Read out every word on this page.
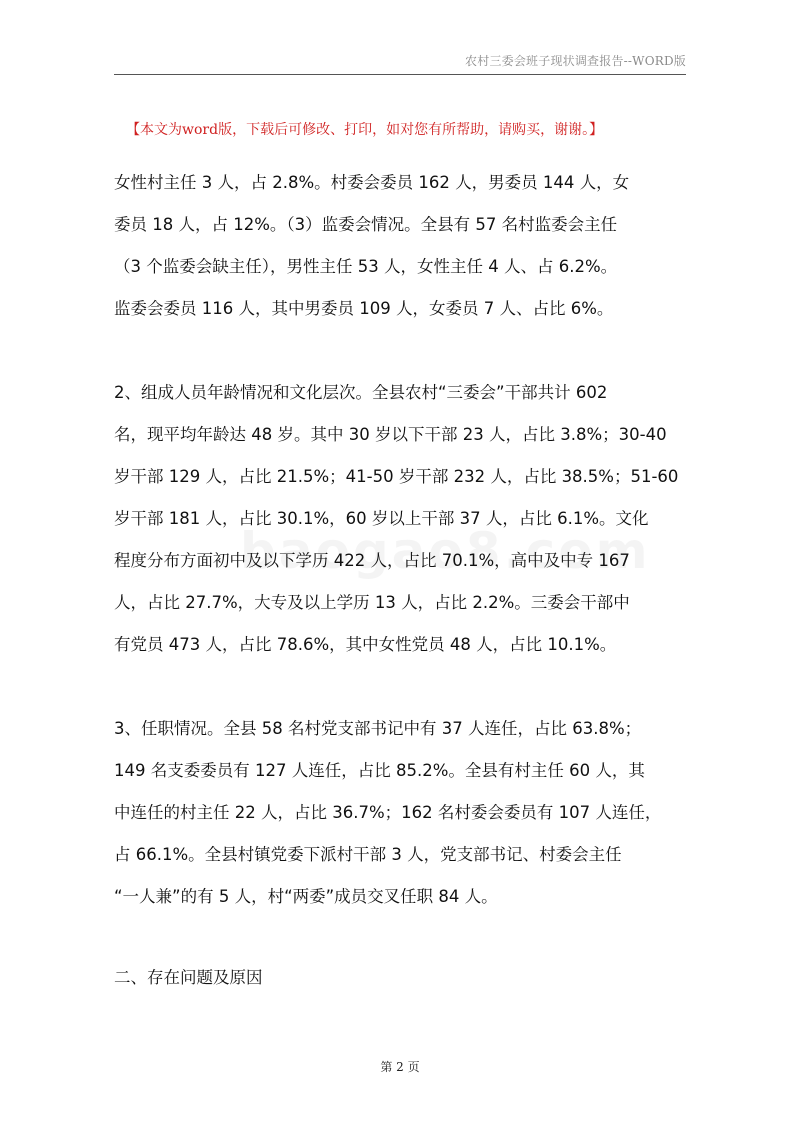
农村三委会班子现状调查报告--WORD版
【本文为word版，下载后可修改、打印，如对您有所帮助，请购买，谢谢。】
女性村主任 3 人，占 2.8%。村委会委员 162 人，男委员 144 人，女
委员 18 人，占 12%。（3）监委会情况。全县有 57 名村监委会主任
（3 个监委会缺主任），男性主任 53 人，女性主任 4 人、占 6.2%。
监委会委员 116 人，其中男委员 109 人，女委员 7 人、占比 6%。
2、组成人员年龄情况和文化层次。全县农村“三委会”干部共计 602
名，现平均年龄达 48 岁。其中 30 岁以下干部 23 人，占比 3.8%；30-40
岁干部 129 人，占比 21.5%；41-50 岁干部 232 人，占比 38.5%；51-60
岁干部 181 人，占比 30.1%，60 岁以上干部 37 人，占比 6.1%。文化
程度分布方面初中及以下学历 422 人，占比 70.1%，高中及中专 167
人，占比 27.7%，大专及以上学历 13 人，占比 2.2%。三委会干部中
有党员 473 人，占比 78.6%，其中女性党员 48 人，占比 10.1%。
3、任职情况。全县 58 名村党支部书记中有 37 人连任，占比 63.8%；
149 名支委委员有 127 人连任，占比 85.2%。全县有村主任 60 人，其
中连任的村主任 22 人，占比 36.7%；162 名村委会委员有 107 人连任，
占 66.1%。全县村镇党委下派村干部 3 人，党支部书记、村委会主任
“一人兼”的有 5 人，村“两委”成员交叉任职 84 人。
二、存在问题及原因
第 2 页
